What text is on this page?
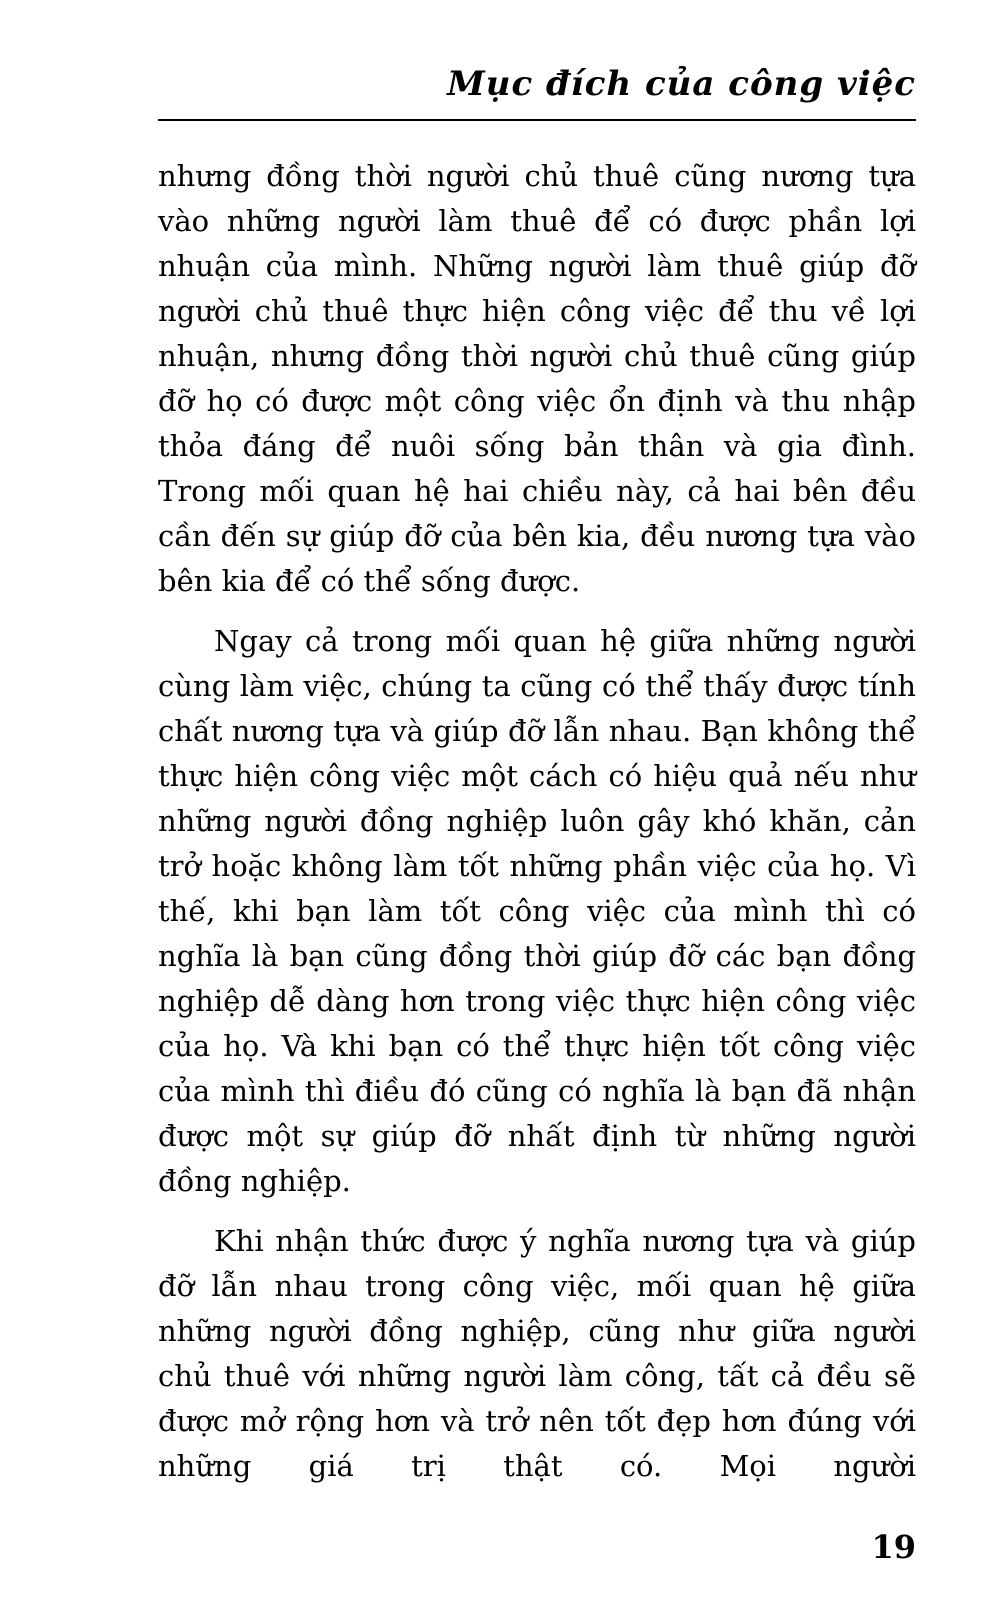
Mục đích của công việc

nhưng đồng thời người chủ thuê cũng nương tựa vào những người làm thuê để có được phần lợi nhuận của mình. Những người làm thuê giúp đỡ người chủ thuê thực hiện công việc để thu về lợi nhuận, nhưng đồng thời người chủ thuê cũng giúp đỡ họ có được một công việc ổn định và thu nhập thỏa đáng để nuôi sống bản thân và gia đình. Trong mối quan hệ hai chiều này, cả hai bên đều cần đến sự giúp đỡ của bên kia, đều nương tựa vào bên kia để có thể sống được.

Ngay cả trong mối quan hệ giữa những người cùng làm việc, chúng ta cũng có thể thấy được tính chất nương tựa và giúp đỡ lẫn nhau. Bạn không thể thực hiện công việc một cách có hiệu quả nếu như những người đồng nghiệp luôn gây khó khăn, cản trở hoặc không làm tốt những phần việc của họ. Vì thế, khi bạn làm tốt công việc của mình thì có nghĩa là bạn cũng đồng thời giúp đỡ các bạn đồng nghiệp dễ dàng hơn trong việc thực hiện công việc của họ. Và khi bạn có thể thực hiện tốt công việc của mình thì điều đó cũng có nghĩa là bạn đã nhận được một sự giúp đỡ nhất định từ những người đồng nghiệp.

Khi nhận thức được ý nghĩa nương tựa và giúp đỡ lẫn nhau trong công việc, mối quan hệ giữa những người đồng nghiệp, cũng như giữa người chủ thuê với những người làm công, tất cả đều sẽ được mở rộng hơn và trở nên tốt đẹp hơn đúng với những giá trị thật có. Mọi người

19
